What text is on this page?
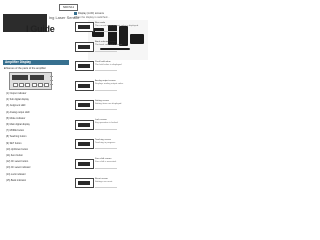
NDFS11
ing Laser Sensor
l Guide
Amplifier Display
■ Names of the parts of the amplifier
(1) Output indicator
(2) Sub digital display
(3) Judgment LED
(4) Analog output LED
(5) Mode indicator
(6) Main digital display
(7) MODE button
(8) Teaching button
(9) SET button
(10) Up/Down button
(11) Zero button
(12) Ch select button
(13) Ch select indicator
(14) Lock indicator
(15) Bank indicator
Display (LCD) screens
When the display is switched...
Run mode
The current measurement value is displayed.
Bank selected screen
The bank selected is shown.
Peak hold value
The held value is displayed.
Analog output screen
Displays analog output value.
Setting screen
Setting items are displayed.
Lock screen
Key operation is locked.
Teaching screen
Teaching in progress.
Zero shift screen
Zero shift is executed.
Reset screen
Settings are reset.
